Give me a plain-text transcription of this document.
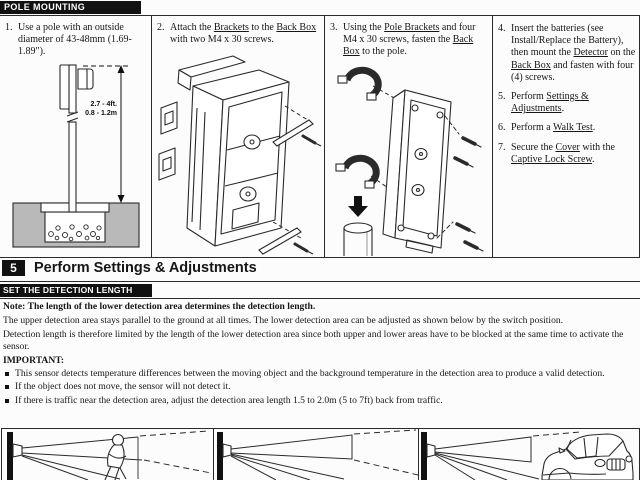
POLE MOUNTING
1. Use a pole with an outside diameter of 43-48mm (1.69-1.89").
2.7 - 4ft.
0.8 - 1.2m
2. Attach the Brackets to the Back Box with two M4 x 30 screws.
3. Using the Pole Brackets and four M4 x 30 screws, fasten the Back Box to the pole.
4. Insert the batteries (see Install/Replace the Battery), then mount the Detector on the Back Box and fasten with four (4) screws.
5. Perform Settings & Adjustments.
6. Perform a Walk Test.
7. Secure the Cover with the Captive Lock Screw.
5	Perform Settings & Adjustments
SET THE DETECTION LENGTH
Note: The length of the lower detection area determines the detection length.
The upper detection area stays parallel to the ground at all times. The lower detection area can be adjusted as shown below by the switch position.
Detection length is therefore limited by the length of the lower detection area since both upper and lower areas have to be blocked at the same time to activate the sensor.
IMPORTANT:
This sensor detects temperature differences between the moving object and the background temperature in the detection area to produce a valid detection.
If the object does not move, the sensor will not detect it.
If there is traffic near the detection area, adjust the detection area length 1.5 to 2.0m (5 to 7ft) back from traffic.
